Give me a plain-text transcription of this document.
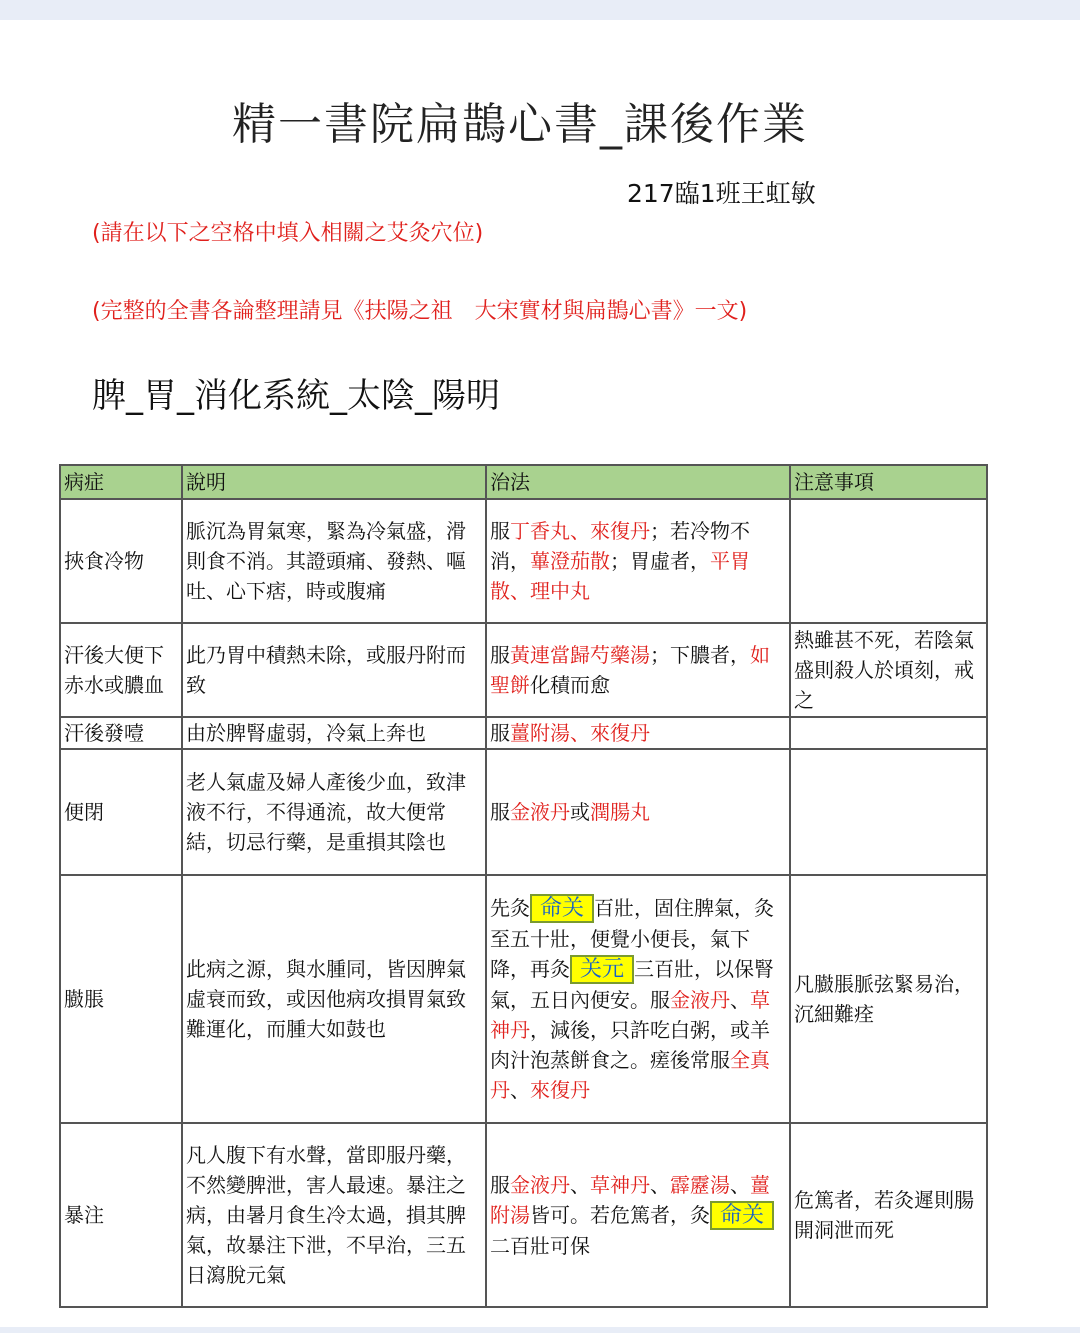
精一書院扁鵲心書_課後作業
217臨1班王虹敏
(請在以下之空格中填入相關之艾灸穴位)
(完整的全書各論整理請見《扶陽之祖　大宋實材與扁鵲心書》一文)
脾_胃_消化系統_太陰_陽明
病症	說明	治法	注意事項
挾食冷物	脈沉為胃氣寒，緊為冷氣盛，滑則食不消。其證頭痛、發熱、嘔吐、心下痞，時或腹痛	服丁香丸、來復丹；若冷物不消，蓽澄茄散；胃虛者，平胃散、理中丸	
汗後大便下赤水或膿血	此乃胃中積熱未除，或服丹附而致	服黃連當歸芍藥湯；下膿者，如聖餅化積而愈	熱雖甚不死，若陰氣盛則殺人於頃刻，戒之
汗後發噎	由於脾腎虛弱，冷氣上奔也	服薑附湯、來復丹	
便閉	老人氣虛及婦人產後少血，致津液不行，不得通流，故大便常結，切忌行藥，是重損其陰也	服金液丹或潤腸丸	
臌脹	此病之源，與水腫同，皆因脾氣虛衰而致，或因他病攻損胃氣致難運化，而腫大如鼓也	先灸 命关 百壯，固住脾氣，灸至五十壯，便覺小便長，氣下降，再灸 关元 三百壯，以保腎氣，五日內便安。服金液丹、草神丹，減後，只許吃白粥，或羊肉汁泡蒸餅食之。瘥後常服全真丹、來復丹	凡臌脹脈弦緊易治，沉細難痊
暴注	凡人腹下有水聲，當即服丹藥，不然變脾泄，害人最速。暴注之病，由暑月食生冷太過，損其脾氣，故暴注下泄，不早治，三五日瀉脫元氣	服金液丹、草神丹、霹靂湯、薑附湯皆可。若危篤者，灸 命关二百壯可保	危篤者，若灸遲則腸開洞泄而死
